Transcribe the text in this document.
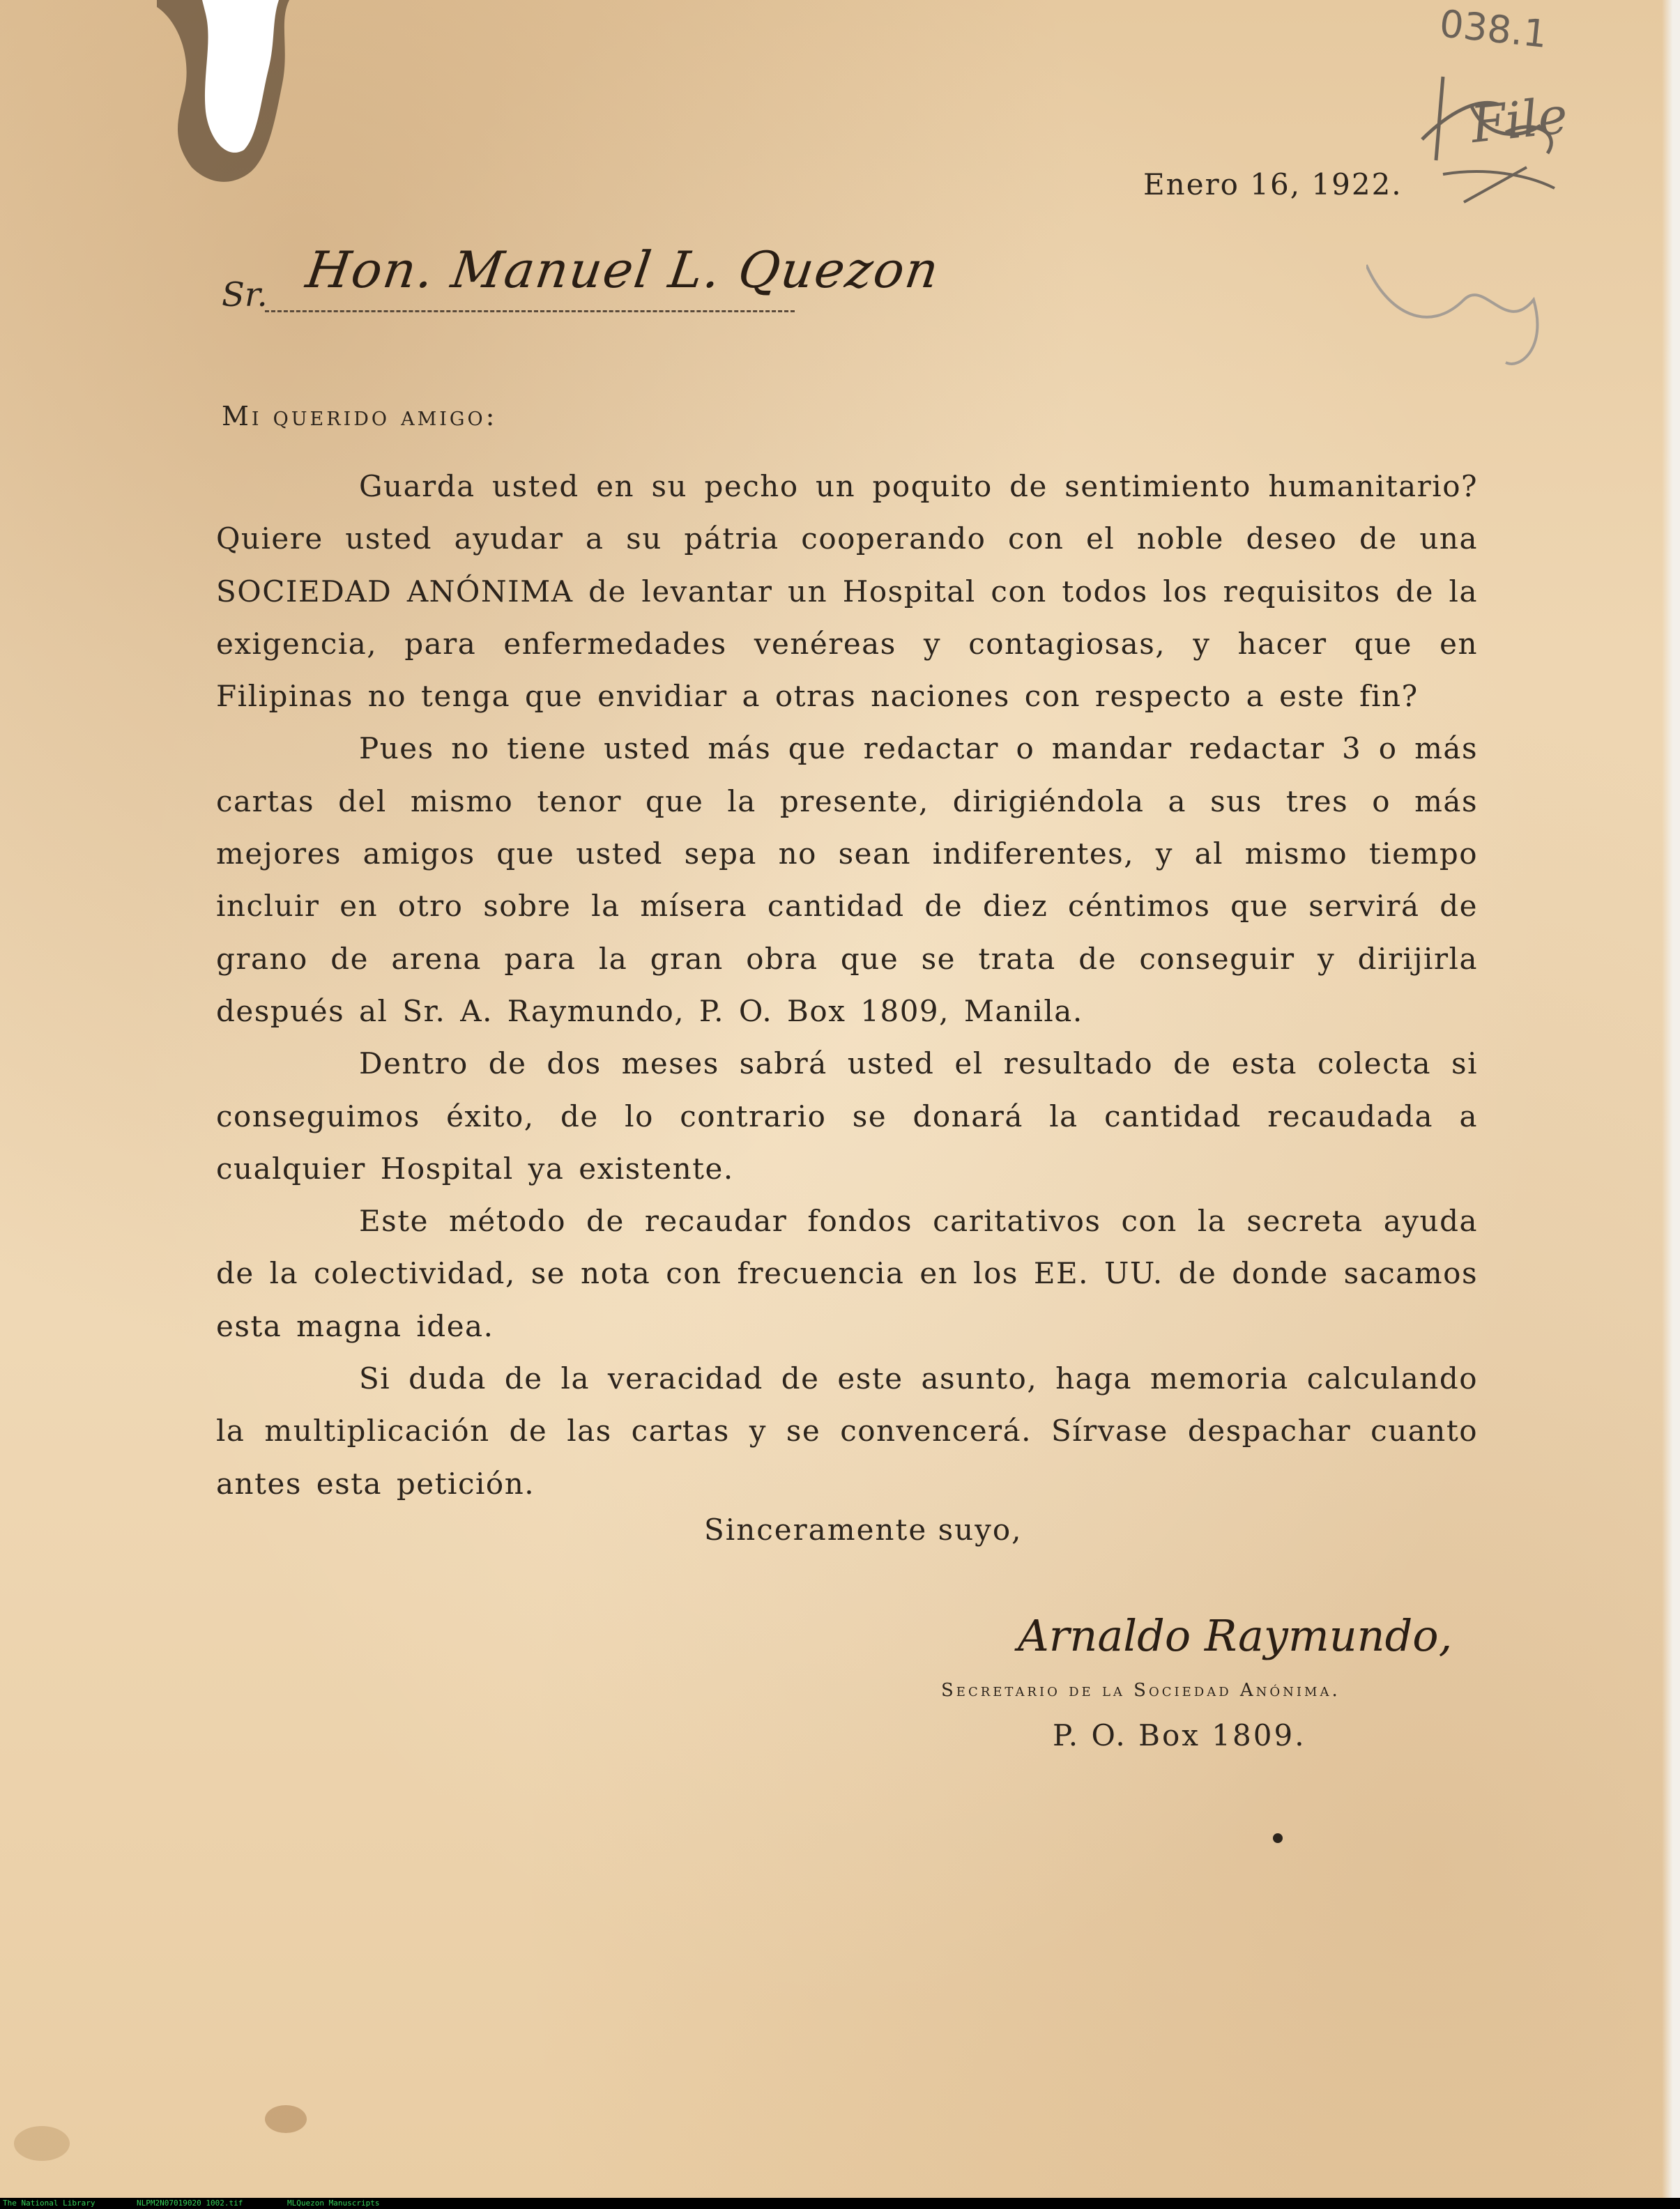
038.1
File
Enero 16, 1922.
Sr. Hon. Manuel L. Quezon
Mi querido amigo:

Guarda usted en su pecho un poquito de sentimiento humanitario? Quiere usted ayudar a su pátria cooperando con el noble deseo de una SOCIEDAD ANÓNIMA de levantar un Hospital con todos los requisitos de la exigencia, para enfermedades venéreas y contagiosas, y hacer que en Filipinas no tenga que envidiar a otras naciones con respecto a este fin?

Pues no tiene usted más que redactar o mandar redactar 3 o más cartas del mismo tenor que la presente, dirigiéndola a sus tres o más mejores amigos que usted sepa no sean indiferentes, y al mismo tiempo incluir en otro sobre la mísera cantidad de diez céntimos que servirá de grano de arena para la gran obra que se trata de conseguir y dirijirla después al Sr. A. Raymundo, P. O. Box 1809, Manila.

Dentro de dos meses sabrá usted el resultado de esta colecta si conseguimos éxito, de lo contrario se donará la cantidad recaudada a cualquier Hospital ya existente.

Este método de recaudar fondos caritativos con la secreta ayuda de la colectividad, se nota con frecuencia en los EE. UU. de donde sacamos esta magna idea.

Si duda de la veracidad de este asunto, haga memoria calculando la multiplicación de las cartas y se convencerá. Sírvase despachar cuanto antes esta petición.

Sinceramente suyo,
Arnaldo Raymundo,
Secretario de la Sociedad Anónima.
P. O. Box 1809.
The National Library	NLPM2N07019020 1002.tif	MLQuezon Manuscripts
